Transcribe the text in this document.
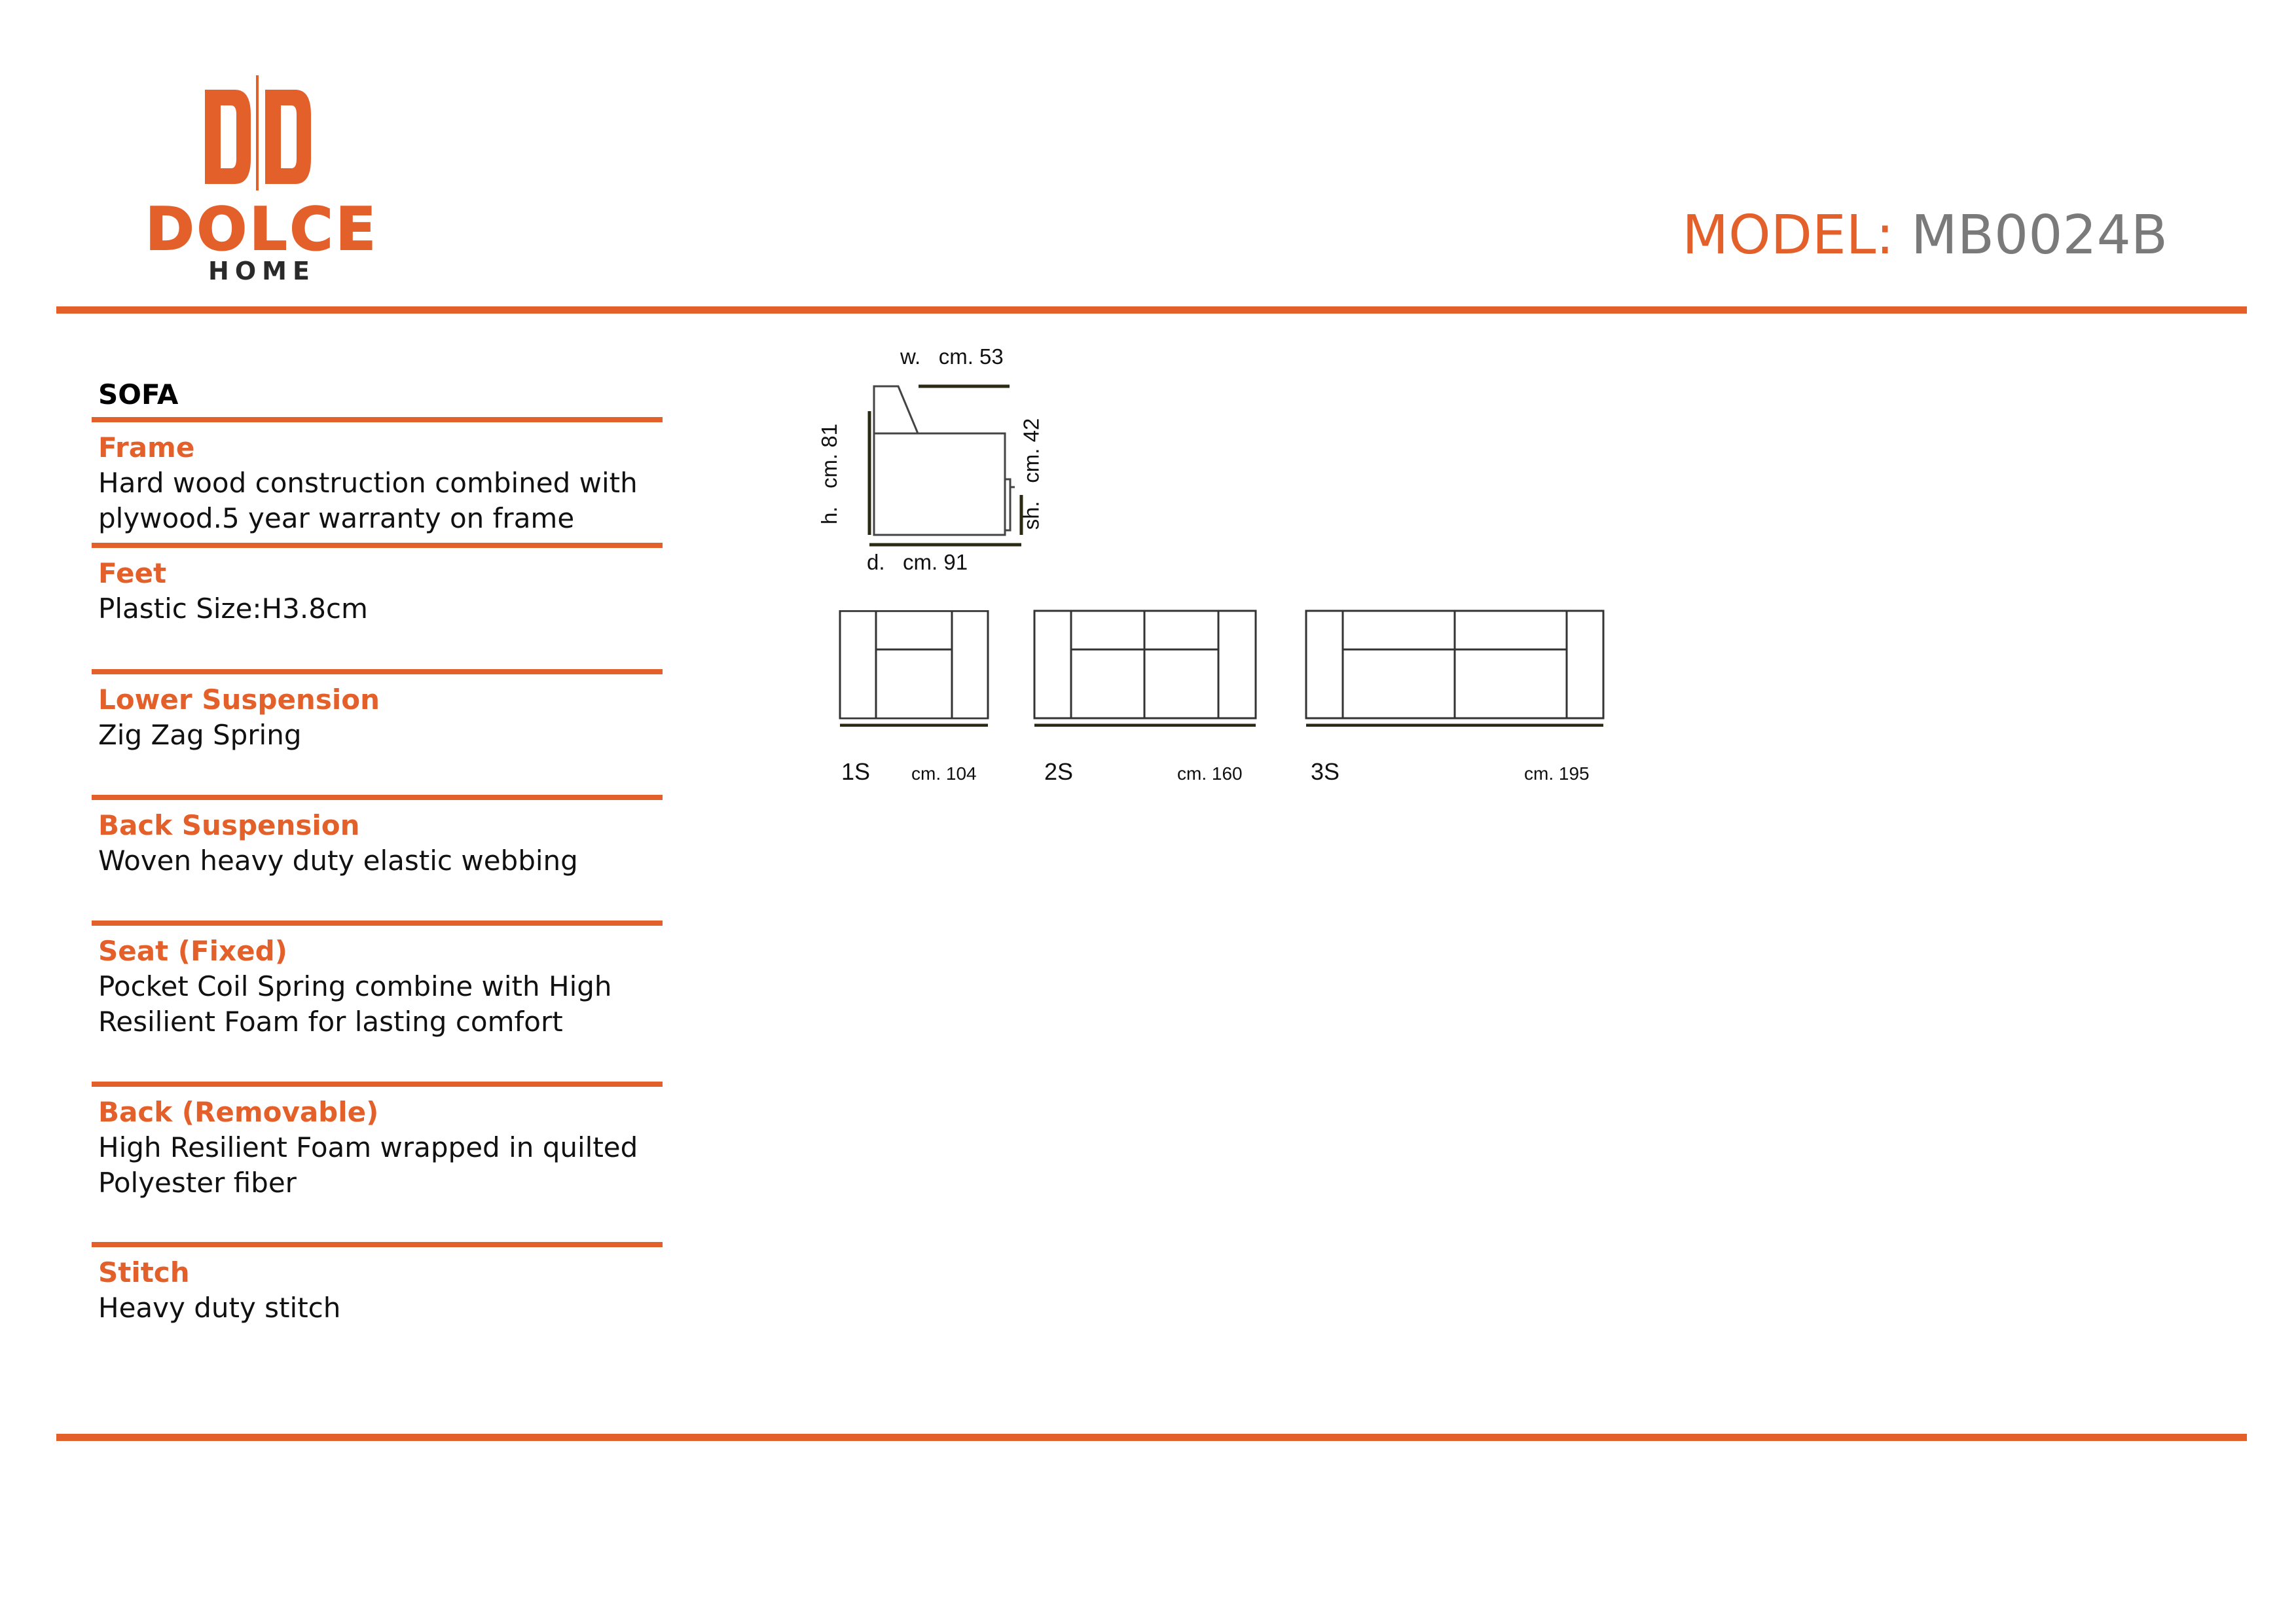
DOLCE
HOME
MODEL: MB0024B
SOFA
Frame
Hard wood construction combined with plywood.5 year warranty on frame
Feet
Plastic Size:H3.8cm
Lower Suspension
Zig Zag Spring
Back Suspension
Woven heavy duty elastic webbing
Seat (Fixed)
Pocket Coil Spring combine with High Resilient Foam for lasting comfort
Back (Removable)
High Resilient Foam wrapped in quilted Polyester fiber
Stitch
Heavy duty stitch
w. cm. 53
h.   cm. 81
sh.   cm. 42
d. cm. 91
1S cm. 104	2S	cm. 160	3S	cm. 195
